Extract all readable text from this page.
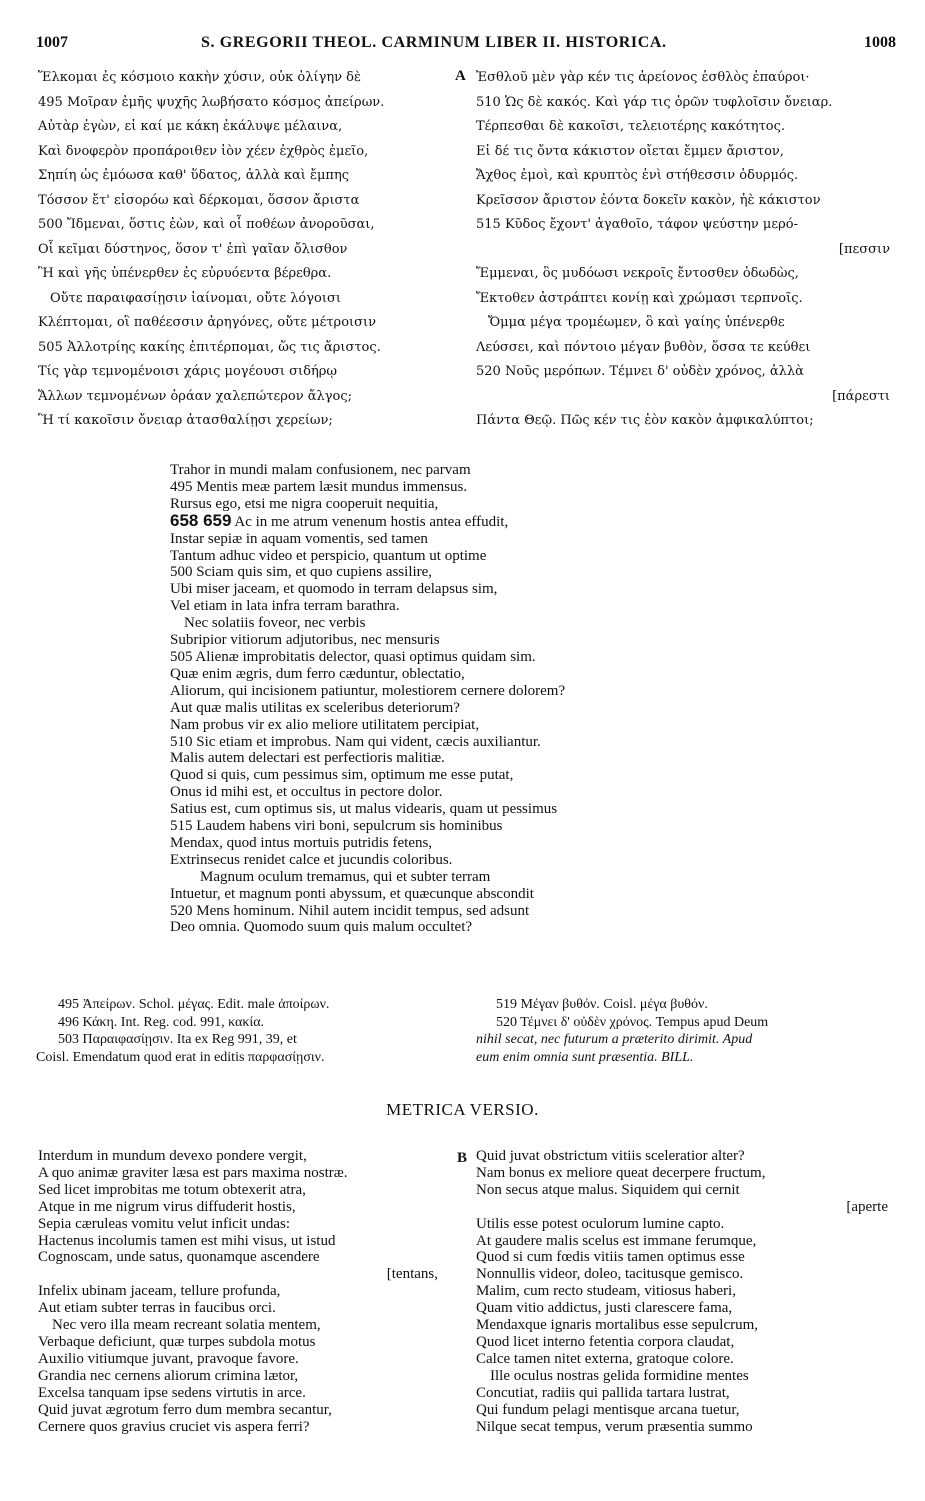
1007	S. GREGORII THEOL. CARMINUM LIBER II. HISTORICA.	1008
Ἕλκομαι ἐς κόσμοιο κακὴν χύσιν, οὐκ ὀλίγην δὲ
495 Μοῖραν ἐμῆς ψυχῆς λωβήσατο κόσμος ἀπείρων.
Αὐτὰρ ἐγὼν, εἰ καί με κάκη ἐκάλυψε μέλαινα,
Καὶ δνοφερὸν προπάροιθεν ἰὸν χέεν ἐχθρὸς ἐμεῖο,
Σηπίη ὡς ἐμόωσα καθ' ὕδατος, ἀλλὰ καὶ ἔμπης
Τόσσον ἔτ' εἰσορόω καὶ δέρκομαι, ὅσσον ἄριστα
500 Ἴδμεναι, ὅστις ἐὼν, καὶ οἷ ποθέων ἀνοροῦσαι,
Οἷ κεῖμαι δύστηνος, ὅσον τ' ἐπὶ γαῖαν ὄλισθον
Ἢ καὶ γῆς ὑπένερθεν ἐς εὐρυόεντα βέρεθρα.
Οὔτε παραιφασίῃσιν ἰαίνομαι, οὔτε λόγοισι
Κλέπτομαι, οἳ παθέεσσιν ἀρηγόνες, οὔτε μέτροισιν
505 Ἀλλοτρίης κακίης ἐπιτέρπομαι, ὥς τις ἄριστος.
Τίς γὰρ τεμνομένοισι χάρις μογέουσι σιδήρῳ
Ἄλλων τεμνομένων ὁράαν χαλεπώτερον ἄλγος;
Ἢ τί κακοῖσιν ὄνειαρ ἀτασθαλίῃσι χερείων;
A Ἐσθλοῦ μὲν γὰρ κέν τις ἀρείονος ἐσθλὸς ἐπαύροι·
510 Ὡς δὲ κακός. Καὶ γάρ τις ὁρῶν τυφλοῖσιν ὄνειαρ.
Τέρπεσθαι δὲ κακοῖσι, τελειοτέρης κακότητος.
Εἰ δέ τις ὄντα κάκιστον οἴεται ἔμμεν ἄριστον,
Ἄχθος ἐμοὶ, καὶ κρυπτὸς ἐνὶ στήθεσσιν ὀδυρμός.
Κρεῖσσον ἄριστον ἐόντα δοκεῖν κακὸν, ἠὲ κάκιστον
515 Κῦδος ἔχοντ' ἀγαθοῖο, τάφον ψεύστην μερό-
[πεσσιν
Ἔμμεναι, ὃς μυδόωσι νεκροῖς ἔντοσθεν ὀδωδὼς,
Ἔκτοθεν ἀστράπτει κονίῃ καὶ χρώμασι τερπνοῖς.
Ὄμμα μέγα τρομέωμεν, ὃ καὶ γαίης ὑπένερθε
Λεύσσει, καὶ πόντοιο μέγαν βυθὸν, ὅσσα τε κεύθει
520 Νοῦς μερόπων. Τέμνει δ' οὐδὲν χρόνος, ἀλλὰ
[πάρεστι
Πάντα Θεῷ. Πῶς κέν τις ἑὸν κακὸν ἀμφικαλύπτοι;
Trahor in mundi malam confusionem, nec parvam
495 Mentis meæ partem læsit mundus immensus.
Rursus ego, etsi me nigra cooperuit nequitia,
658 659 Ac in me atrum venenum hostis antea effudit,
Instar sepiæ in aquam vomentis, sed tamen
Tantum adhuc video et perspicio, quantum ut optime
500 Sciam quis sim, et quo cupiens assilire,
Ubi miser jaceam, et quomodo in terram delapsus sim,
Vel etiam in lata infra terram barathra.
Nec solatiis foveor, nec verbis
Subripior vitiorum adjutoribus, nec mensuris
505 Alienæ improbitatis delector, quasi optimus quidam sim.
Quæ enim ægris, dum ferro cæduntur, oblectatio,
Aliorum, qui incisionem patiuntur, molestiorem cernere dolorem?
Aut quæ malis utilitas ex sceleribus deteriorum?
Nam probus vir ex alio meliore utilitatem percipiat,
510 Sic etiam et improbus. Nam qui vident, cæcis auxiliantur.
Malis autem delectari est perfectioris malitiæ.
Quod si quis, cum pessimus sim, optimum me esse putat,
Onus id mihi est, et occultus in pectore dolor.
Satius est, cum optimus sis, ut malus videaris, quam ut pessimus
515 Laudem habens viri boni, sepulcrum sis hominibus
Mendax, quod intus mortuis putridis fetens,
Extrinsecus renidet calce et jucundis coloribus.
Magnum oculum tremamus, qui et subter terram
Intuetur, et magnum ponti abyssum, et quæcunque abscondit
520 Mens hominum. Nihil autem incidit tempus, sed adsunt
Deo omnia. Quomodo suum quis malum occultet?
495 Ἀπείρων. Schol. μέγας. Edit. male ἀποίρων.
496 Κάκη. Int. Reg. cod. 991, κακία.
503 Παραιφασίῃσιν. Ita ex Reg 991, 39, et
Coisl. Emendatum quod erat in editis παρφασίῃσιν.
519 Μέγαν βυθόν. Coisl. μέγα βυθόν.
520 Τέμνει δ' οὐδὲν χρόνος. Tempus apud Deum
nihil secat, nec futurum a præterito dirimit. Apud
eum enim omnia sunt præsentia. BILL.
METRICA VERSIO.
Interdum in mundum devexo pondere vergit,
A quo animæ graviter læsa est pars maxima nostræ.
Sed licet improbitas me totum obtexerit atra,
Atque in me nigrum virus diffuderit hostis,
Sepia cæruleas vomitu velut inficit undas:
Hactenus incolumis tamen est mihi visus, ut istud
Cognoscam, unde satus, quonamque ascendere
[tentans,
Infelix ubinam jaceam, tellure profunda,
Aut etiam subter terras in faucibus orci.
Nec vero illa meam recreant solatia mentem,
Verbaque deficiunt, quæ turpes subdola motus
Auxilio vitiumque juvant, pravoque favore.
Grandia nec cernens aliorum crimina lætor,
Excelsa tanquam ipse sedens virtutis in arce.
Quid juvat ægrotum ferro dum membra secantur,
Cernere quos gravius cruciet vis aspera ferri?
B Quid juvat obstrictum vitiis sceleratior alter?
Nam bonus ex meliore queat decerpere fructum,
Non secus atque malus. Siquidem qui cernit
[aperte
Utilis esse potest oculorum lumine capto.
At gaudere malis scelus est immane ferumque,
Quod si cum fœdis vitiis tamen optimus esse
Nonnullis videor, doleo, tacitusque gemisco.
Malim, cum recto studeam, vitiosus haberi,
Quam vitio addictus, justi clarescere fama,
Mendaxque ignaris mortalibus esse sepulcrum,
Quod licet interno fetentia corpora claudat,
Calce tamen nitet externa, gratoque colore.
Ille oculus nostras gelida formidine mentes
Concutiat, radiis qui pallida tartara lustrat,
Qui fundum pelagi mentisque arcana tuetur,
Nilque secat tempus, verum præsentia summo
